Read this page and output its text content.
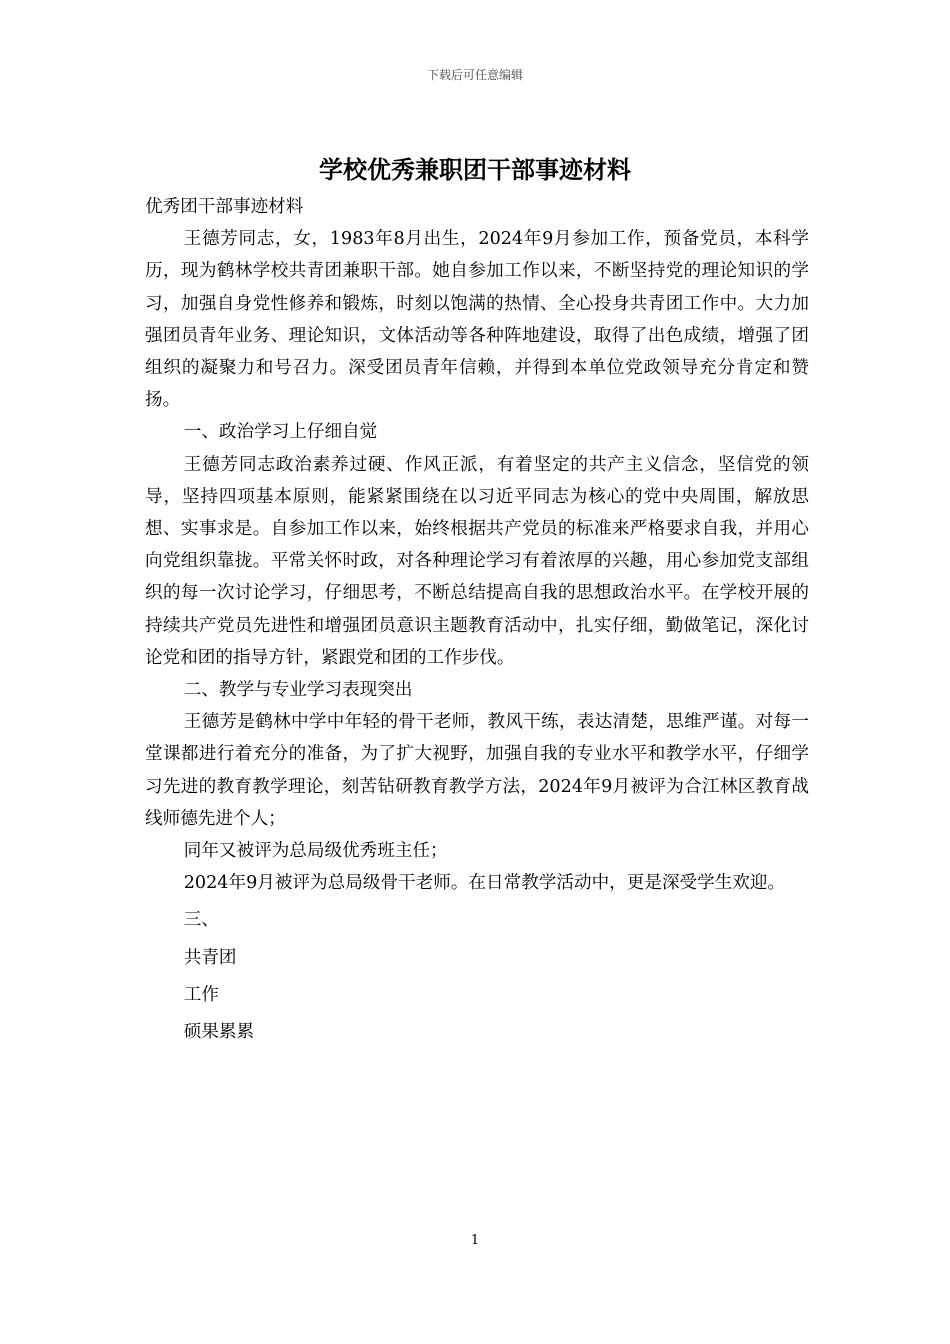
下载后可任意编辑
学校优秀兼职团干部事迹材料

优秀团干部事迹材料

王德芳同志，女，1983年8月出生，2024年9月参加工作，预备党员，本科学历，现为鹤林学校共青团兼职干部。她自参加工作以来，不断坚持党的理论知识的学习，加强自身党性修养和锻炼，时刻以饱满的热情、全心投身共青团工作中。大力加强团员青年业务、理论知识，文体活动等各种阵地建设，取得了出色成绩，增强了团组织的凝聚力和号召力。深受团员青年信赖，并得到本单位党政领导充分肯定和赞扬。

一、政治学习上仔细自觉

王德芳同志政治素养过硬、作风正派，有着坚定的共产主义信念，坚信党的领导，坚持四项基本原则，能紧紧围绕在以习近平同志为核心的党中央周围，解放思想、实事求是。自参加工作以来，始终根据共产党员的标准来严格要求自我，并用心向党组织靠拢。平常关怀时政，对各种理论学习有着浓厚的兴趣，用心参加党支部组织的每一次讨论学习，仔细思考，不断总结提高自我的思想政治水平。在学校开展的持续共产党员先进性和增强团员意识主题教育活动中，扎实仔细，勤做笔记，深化讨论党和团的指导方针，紧跟党和团的工作步伐。

二、教学与专业学习表现突出

王德芳是鹤林中学中年轻的骨干老师，教风干练，表达清楚，思维严谨。对每一堂课都进行着充分的准备，为了扩大视野，加强自我的专业水平和教学水平，仔细学习先进的教育教学理论，刻苦钻研教育教学方法，2024年9月被评为合江林区教育战线师德先进个人；

同年又被评为总局级优秀班主任；

2024年9月被评为总局级骨干老师。在日常教学活动中，更是深受学生欢迎。

三、

共青团

工作

硕果累累

1
